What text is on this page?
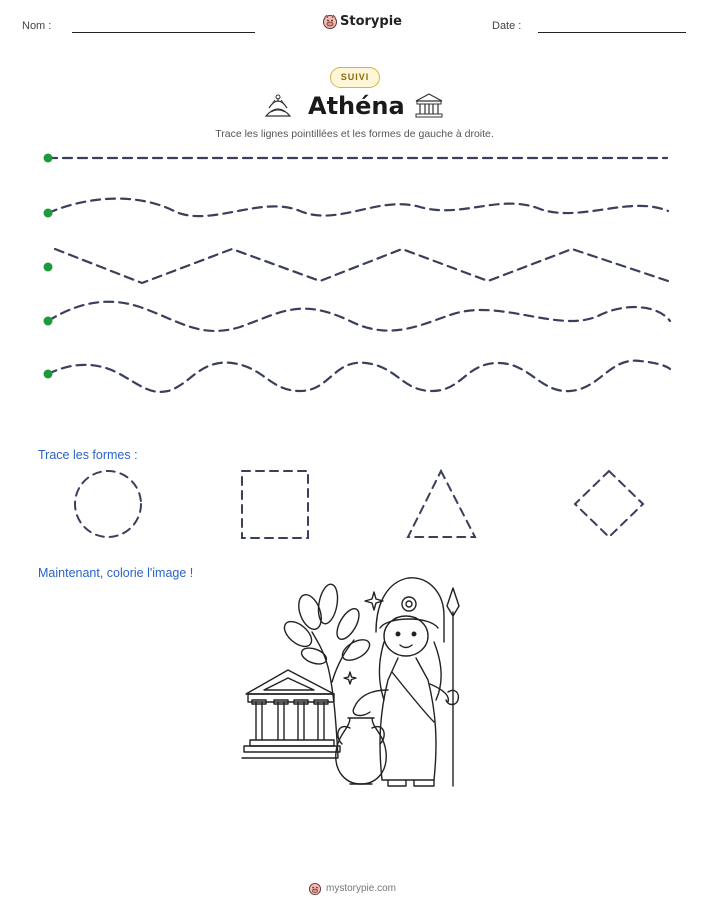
Nom :	Storypie	Date :
SUIVI
Athéna
Trace les lignes pointillées et les formes de gauche à droite.
Trace les formes :
Maintenant, colorie l'image !
mystorypie.com
